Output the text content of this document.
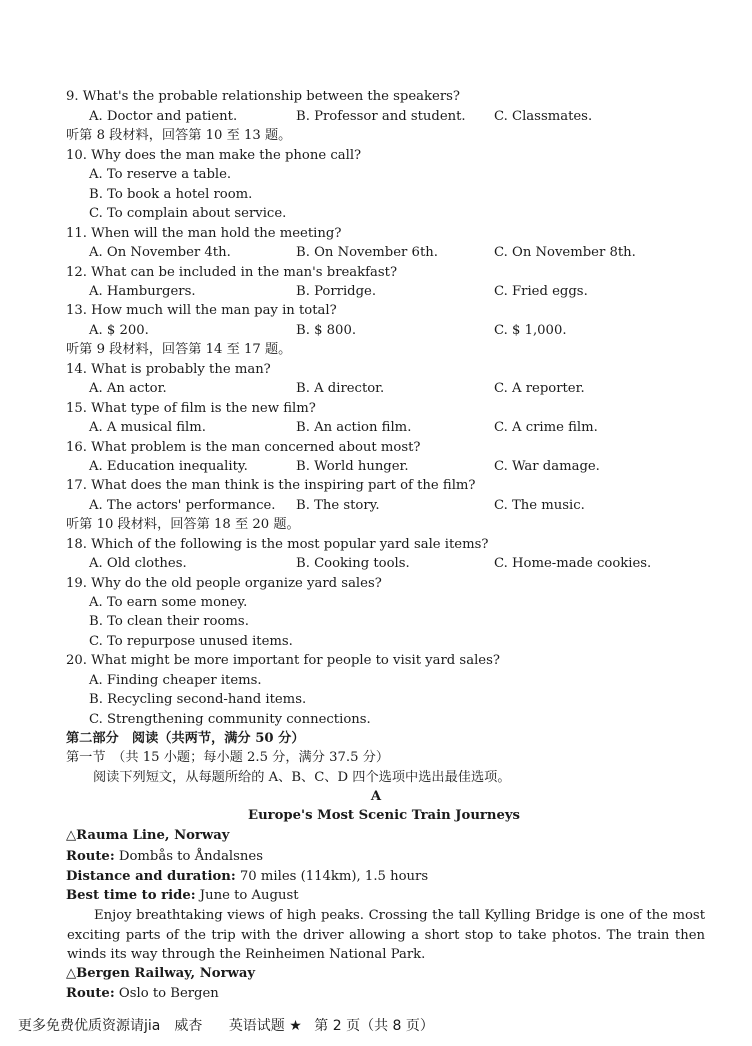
9. What's the probable relationship between the speakers?
A. Doctor and patient.	B. Professor and student. C. Classmates.
听第 8 段材料，回答第 10 至 13 题。
10. Why does the man make the phone call?
A. To reserve a table.
B. To book a hotel room.
C. To complain about service.
11. When will the man hold the meeting?
A. On November 4th.	B. On November 6th.	C. On November 8th.
12. What can be included in the man's breakfast?
A. Hamburgers.	B. Porridge.	C. Fried eggs.
13. How much will the man pay in total?
A. $ 200.	B. $ 800.	C. $ 1,000.
听第 9 段材料，回答第 14 至 17 题。
14. What is probably the man?
A. An actor.	B. A director.	C. A reporter.
15. What type of film is the new film?
A. A musical film.	B. An action film.	C. A crime film.
16. What problem is the man concerned about most?
A. Education inequality.	B. World hunger.	C. War damage.
17. What does the man think is the inspiring part of the film?
A. The actors' performance. B. The story.	C. The music.
听第 10 段材料，回答第 18 至 20 题。
18. Which of the following is the most popular yard sale items?
A. Old clothes.	B. Cooking tools.	C. Home-made cookies.
19. Why do the old people organize yard sales?
A. To earn some money.
B. To clean their rooms.
C. To repurpose unused items.
20. What might be more important for people to visit yard sales?
A. Finding cheaper items.
B. Recycling second-hand items.
C. Strengthening community connections.
第二部分　阅读（共两节，满分 50 分）
第一节　（共 15 小题；每小题 2.5 分，满分 37.5 分）
阅读下列短文，从每题所给的 A、B、C、D 四个选项中选出最佳选项。
A
Europe's Most Scenic Train Journeys
△Rauma Line, Norway
Route: Dombås to Åndalsnes
Distance and duration: 70 miles (114km), 1.5 hours
Best time to ride: June to August
Enjoy breathtaking views of high peaks. Crossing the tall Kylling Bridge is one of the most exciting parts of the trip with the driver allowing a short stop to take photos. The train then winds its way through the Reinheimen National Park.
△Bergen Railway, Norway
Route: Oslo to Bergen
更多免费优质资源请jia　威杏 英语试题 ★ 第 2 页（共 8 页）
